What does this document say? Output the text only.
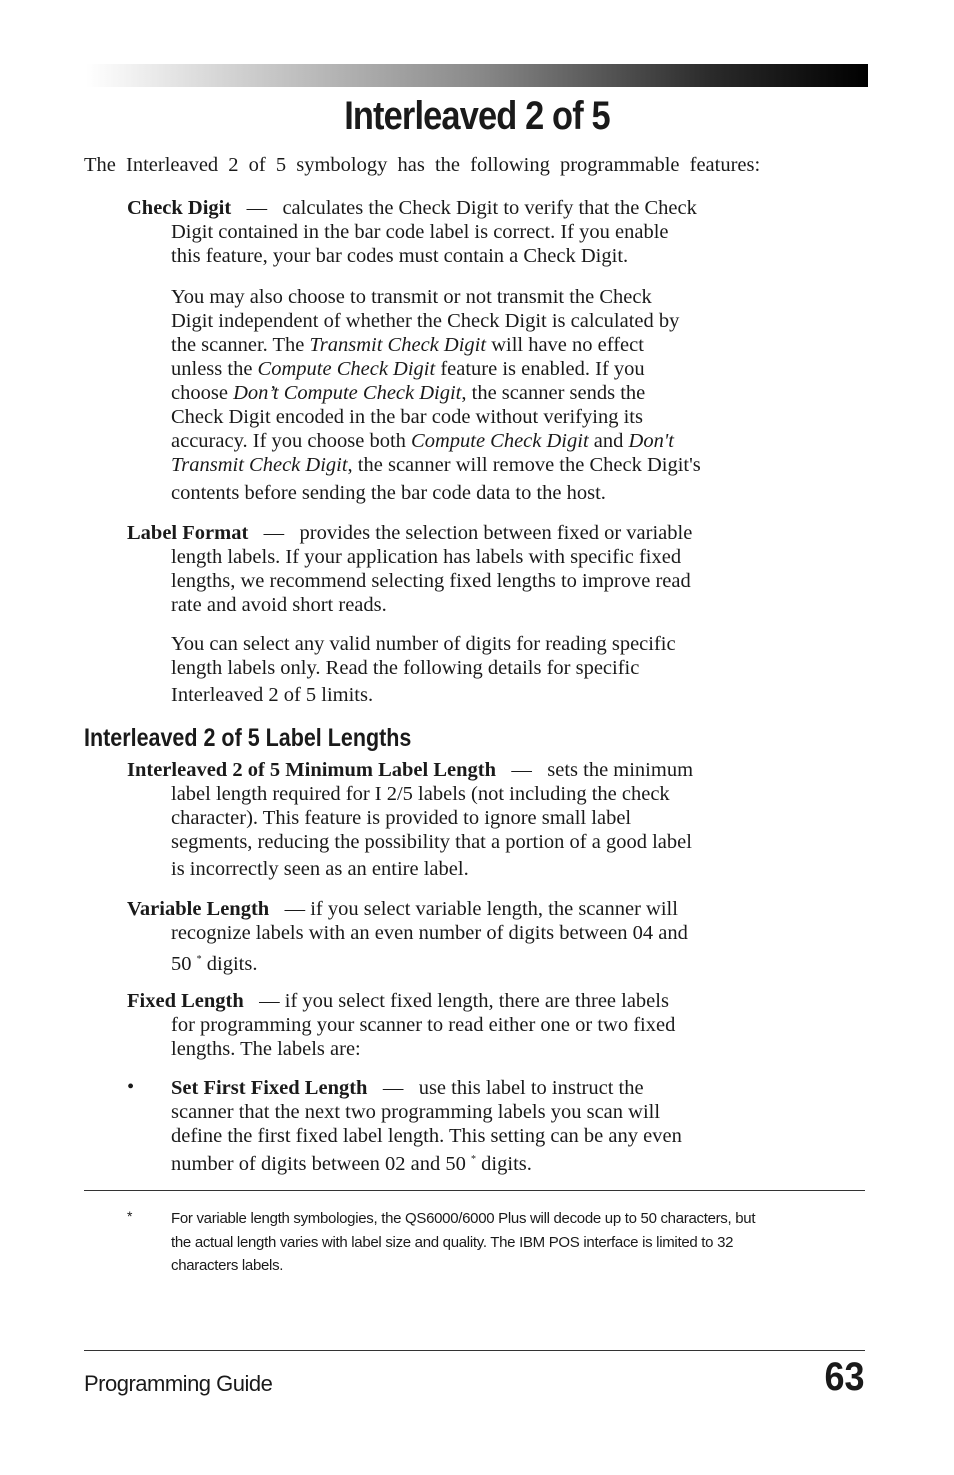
Interleaved 2 of 5
The Interleaved 2 of 5 symbology has the following programmable features:
Check Digit — calculates the Check Digit to verify that the Check
Digit contained in the bar code label is correct. If you enable
this feature, your bar codes must contain a Check Digit.
You may also choose to transmit or not transmit the Check
Digit independent of whether the Check Digit is calculated by
the scanner. The Transmit Check Digit will have no effect
unless the Compute Check Digit feature is enabled. If you
choose Don’t Compute Check Digit, the scanner sends the
Check Digit encoded in the bar code without verifying its
accuracy. If you choose both Compute Check Digit and Don't
Transmit Check Digit, the scanner will remove the Check Digit's
contents before sending the bar code data to the host.
Label Format — provides the selection between fixed or variable
length labels. If your application has labels with specific fixed
lengths, we recommend selecting fixed lengths to improve read
rate and avoid short reads.
You can select any valid number of digits for reading specific
length labels only. Read the following details for specific
Interleaved 2 of 5 limits.
Interleaved 2 of 5 Label Lengths
Interleaved 2 of 5 Minimum Label Length — sets the minimum
label length required for I 2/5 labels (not including the check
character). This feature is provided to ignore small label
segments, reducing the possibility that a portion of a good label
is incorrectly seen as an entire label.
Variable Length — if you select variable length, the scanner will
recognize labels with an even number of digits between 04 and
50 * digits.
Fixed Length — if you select fixed length, there are three labels
for programming your scanner to read either one or two fixed
lengths. The labels are:
• Set First Fixed Length — use this label to instruct the
scanner that the next two programming labels you scan will
define the first fixed label length. This setting can be any even
number of digits between 02 and 50 * digits.
*	For variable length symbologies, the QS6000/6000 Plus will decode up to 50 characters, but
the actual length varies with label size and quality. The IBM POS interface is limited to 32
characters labels.
Programming Guide	63
